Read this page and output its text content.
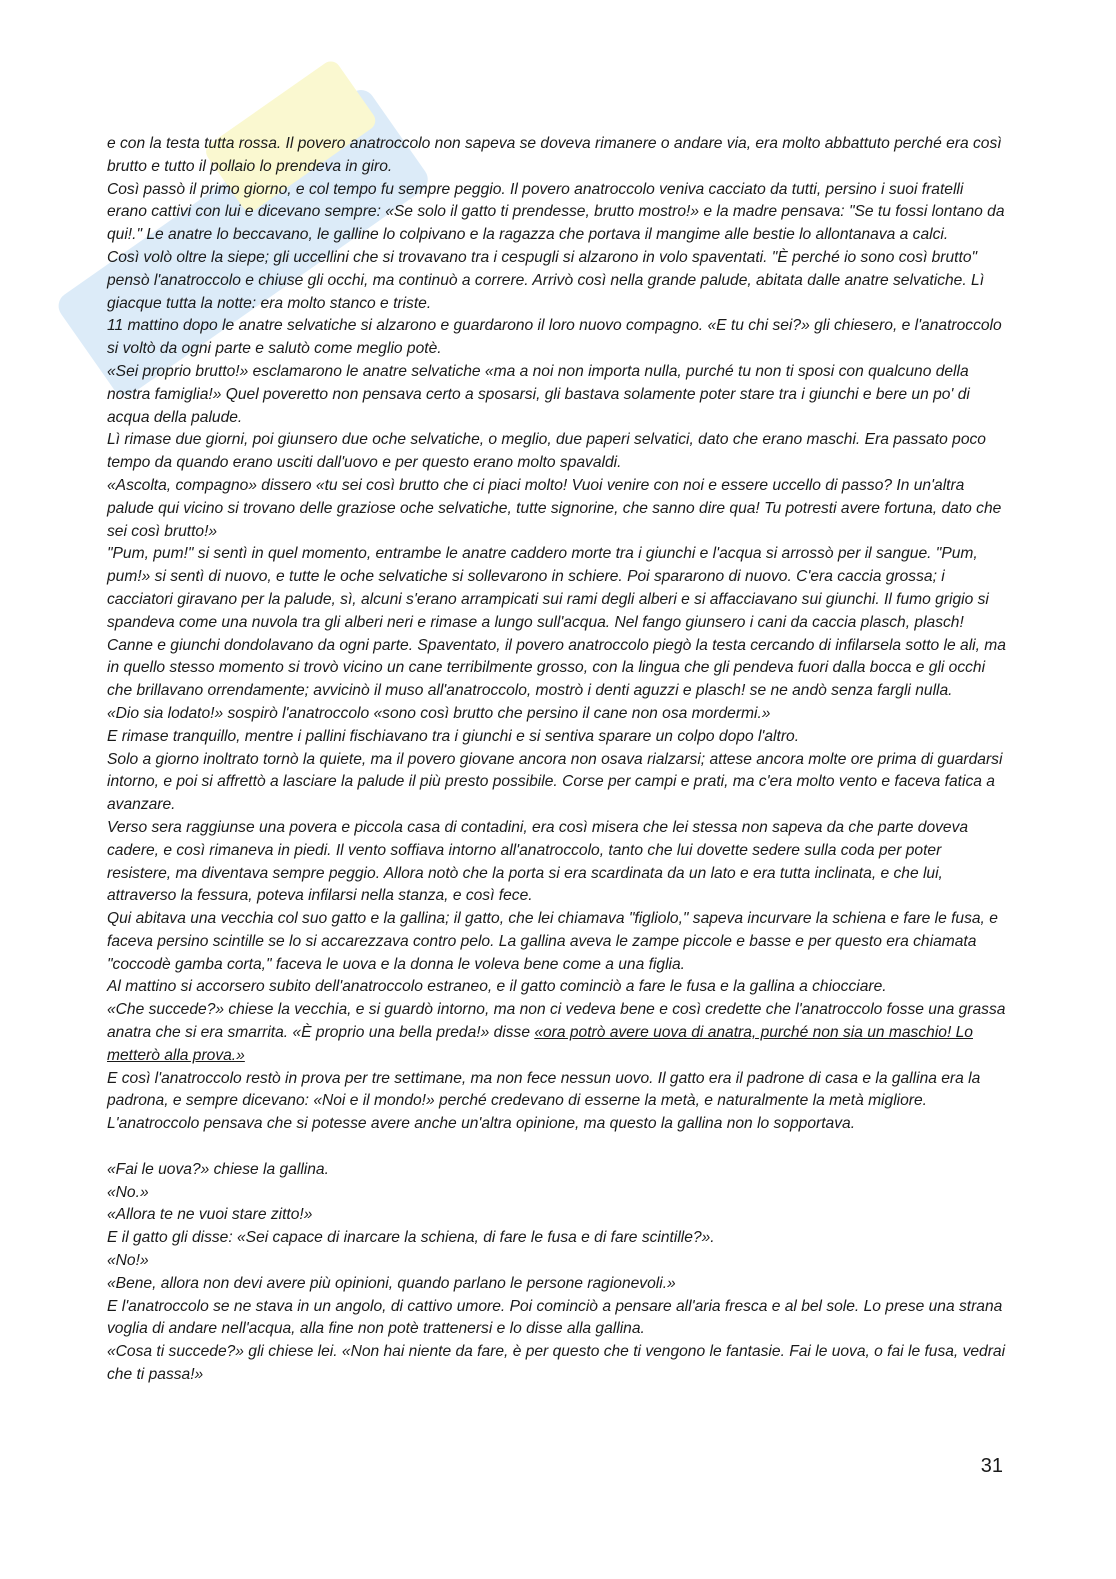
e con la testa tutta rossa. Il povero anatroccolo non sapeva se doveva rimanere o andare via, era molto abbattuto perché era così brutto e tutto il pollaio lo prendeva in giro.

Così passò il primo giorno, e col tempo fu sempre peggio. Il povero anatroccolo veniva cacciato da tutti, persino i suoi fratelli erano cattivi con lui e dicevano sempre: «Se solo il gatto ti prendesse, brutto mostro!» e la madre pensava: "Se tu fossi lontano da qui!." Le anatre lo beccavano, le galline lo colpivano e la ragazza che portava il mangime alle bestie lo allontanava a calci.

Così volò oltre la siepe; gli uccellini che si trovavano tra i cespugli si alzarono in volo spaventati. "È perché io sono così brutto" pensò l'anatroccolo e chiuse gli occhi, ma continuò a correre. Arrivò così nella grande palude, abitata dalle anatre selvatiche. Lì giacque tutta la notte: era molto stanco e triste.

11 mattino dopo le anatre selvatiche si alzarono e guardarono il loro nuovo compagno. «E tu chi sei?» gli chiesero, e l'anatroccolo si voltò da ogni parte e salutò come meglio potè.

«Sei proprio brutto!» esclamarono le anatre selvatiche «ma a noi non importa nulla, purché tu non ti sposi con qualcuno della nostra famiglia!» Quel poveretto non pensava certo a sposarsi, gli bastava solamente poter stare tra i giunchi e bere un po' di acqua della palude.

Lì rimase due giorni, poi giunsero due oche selvatiche, o meglio, due paperi selvatici, dato che erano maschi. Era passato poco tempo da quando erano usciti dall'uovo e per questo erano molto spavaldi.

«Ascolta, compagno» dissero «tu sei così brutto che ci piaci molto! Vuoi venire con noi e essere uccello di passo? In un'altra palude qui vicino si trovano delle graziose oche selvatiche, tutte signorine, che sanno dire qua! Tu potresti avere fortuna, dato che sei così brutto!»

"Pum, pum!" si sentì in quel momento, entrambe le anatre caddero morte tra i giunchi e l'acqua si arrossò per il sangue. "Pum, pum!» si sentì di nuovo, e tutte le oche selvatiche si sollevarono in schiere. Poi spararono di nuovo. C'era caccia grossa; i cacciatori giravano per la palude, sì, alcuni s'erano arrampicati sui rami degli alberi e si affacciavano sui giunchi. Il fumo grigio si spandeva come una nuvola tra gli alberi neri e rimase a lungo sull'acqua. Nel fango giunsero i cani da caccia plasch, plasch! Canne e giunchi dondolavano da ogni parte. Spaventato, il povero anatroccolo piegò la testa cercando di infilarsela sotto le ali, ma in quello stesso momento si trovò vicino un cane terribilmente grosso, con la lingua che gli pendeva fuori dalla bocca e gli occhi che brillavano orrendamente; avvicinò il muso all'anatroccolo, mostrò i denti aguzzi e plasch! se ne andò senza fargli nulla.

«Dio sia lodato!» sospirò l'anatroccolo «sono così brutto che persino il cane non osa mordermi.»

E rimase tranquillo, mentre i pallini fischiavano tra i giunchi e si sentiva sparare un colpo dopo l'altro.

Solo a giorno inoltrato tornò la quiete, ma il povero giovane ancora non osava rialzarsi; attese ancora molte ore prima di guardarsi intorno, e poi si affrettò a lasciare la palude il più presto possibile. Corse per campi e prati, ma c'era molto vento e faceva fatica a avanzare.

Verso sera raggiunse una povera e piccola casa di contadini, era così misera che lei stessa non sapeva da che parte doveva cadere, e così rimaneva in piedi. Il vento soffiava intorno all'anatroccolo, tanto che lui dovette sedere sulla coda per poter resistere, ma diventava sempre peggio. Allora notò che la porta si era scardinata da un lato e era tutta inclinata, e che lui, attraverso la fessura, poteva infilarsi nella stanza, e così fece.

Qui abitava una vecchia col suo gatto e la gallina; il gatto, che lei chiamava "figliolo," sapeva incurvare la schiena e fare le fusa, e faceva persino scintille se lo si accarezzava contro pelo. La gallina aveva le zampe piccole e basse e per questo era chiamata "coccodè gamba corta," faceva le uova e la donna le voleva bene come a una figlia.

Al mattino si accorsero subito dell'anatroccolo estraneo, e il gatto cominciò a fare le fusa e la gallina a chiocciare.

«Che succede?» chiese la vecchia, e si guardò intorno, ma non ci vedeva bene e così credette che l'anatroccolo fosse una grassa anatra che si era smarrita. «È proprio una bella preda!» disse «ora potrò avere uova di anatra, purché non sia un maschio! Lo metterò alla prova.»

E così l'anatroccolo restò in prova per tre settimane, ma non fece nessun uovo. Il gatto era il padrone di casa e la gallina era la padrona, e sempre dicevano: «Noi e il mondo!» perché credevano di esserne la metà, e naturalmente la metà migliore. L'anatroccolo pensava che si potesse avere anche un'altra opinione, ma questo la gallina non lo sopportava.

«Fai le uova?» chiese la gallina.

«No.»

«Allora te ne vuoi stare zitto!»

E il gatto gli disse: «Sei capace di inarcare la schiena, di fare le fusa e di fare scintille?».

«No!»

«Bene, allora non devi avere più opinioni, quando parlano le persone ragionevoli.»

E l'anatroccolo se ne stava in un angolo, di cattivo umore. Poi cominciò a pensare all'aria fresca e al bel sole. Lo prese una strana voglia di andare nell'acqua, alla fine non potè trattenersi e lo disse alla gallina.

«Cosa ti succede?» gli chiese lei. «Non hai niente da fare, è per questo che ti vengono le fantasie. Fai le uova, o fai le fusa, vedrai che ti passa!»

31
